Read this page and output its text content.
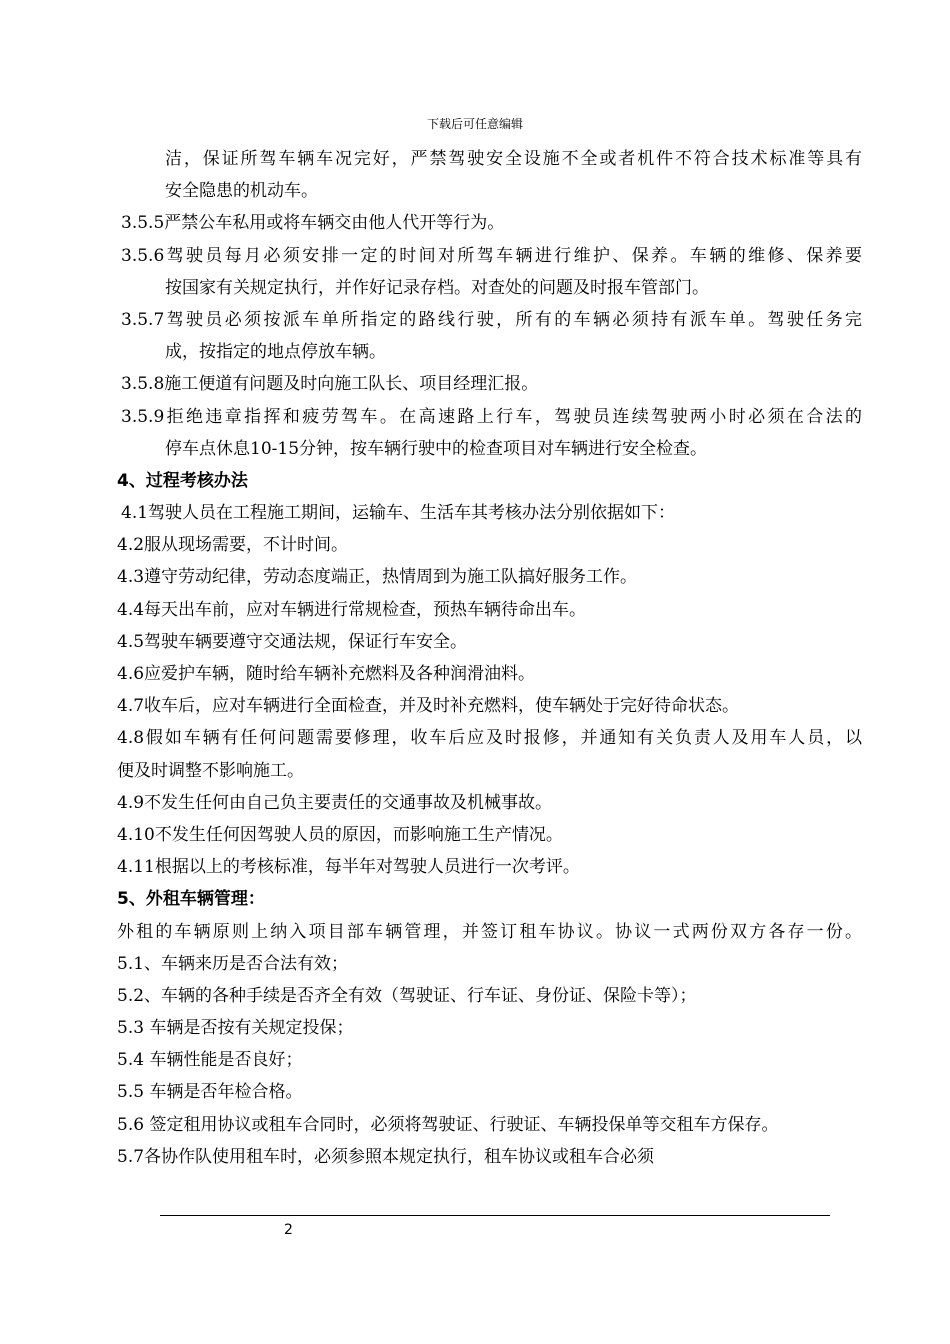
下载后可任意编辑
洁，保证所驾车辆车况完好，严禁驾驶安全设施不全或者机件不符合技术标准等具有
安全隐患的机动车。
3.5.5严禁公车私用或将车辆交由他人代开等行为。
3.5.6驾驶员每月必须安排一定的时间对所驾车辆进行维护、保养。车辆的维修、保养要
按国家有关规定执行，并作好记录存档。对查处的问题及时报车管部门。
3.5.7驾驶员必须按派车单所指定的路线行驶，所有的车辆必须持有派车单。驾驶任务完
成，按指定的地点停放车辆。
3.5.8施工便道有问题及时向施工队长、项目经理汇报。
3.5.9拒绝违章指挥和疲劳驾车。在高速路上行车，驾驶员连续驾驶两小时必须在合法的
停车点休息10-15分钟，按车辆行驶中的检查项目对车辆进行安全检查。
4、过程考核办法
4.1驾驶人员在工程施工期间，运输车、生活车其考核办法分别依据如下：
4.2服从现场需要，不计时间。
4.3遵守劳动纪律，劳动态度端正，热情周到为施工队搞好服务工作。
4.4每天出车前，应对车辆进行常规检查，预热车辆待命出车。
4.5驾驶车辆要遵守交通法规，保证行车安全。
4.6应爱护车辆，随时给车辆补充燃料及各种润滑油料。
4.7收车后，应对车辆进行全面检查，并及时补充燃料，使车辆处于完好待命状态。
4.8假如车辆有任何问题需要修理，收车后应及时报修，并通知有关负责人及用车人员，以
便及时调整不影响施工。
4.9不发生任何由自己负主要责任的交通事故及机械事故。
4.10不发生任何因驾驶人员的原因，而影响施工生产情况。
4.11根据以上的考核标准，每半年对驾驶人员进行一次考评。
5、外租车辆管理：
外租的车辆原则上纳入项目部车辆管理，并签订租车协议。协议一式两份双方各存一份。
5.1、车辆来历是否合法有效；
5.2、车辆的各种手续是否齐全有效（驾驶证、行车证、身份证、保险卡等）；
5.3 车辆是否按有关规定投保；
5.4 车辆性能是否良好；
5.5 车辆是否年检合格。
5.6 签定租用协议或租车合同时，必须将驾驶证、行驶证、车辆投保单等交租车方保存。
5.7各协作队使用租车时，必须参照本规定执行，租车协议或租车合必须
2
